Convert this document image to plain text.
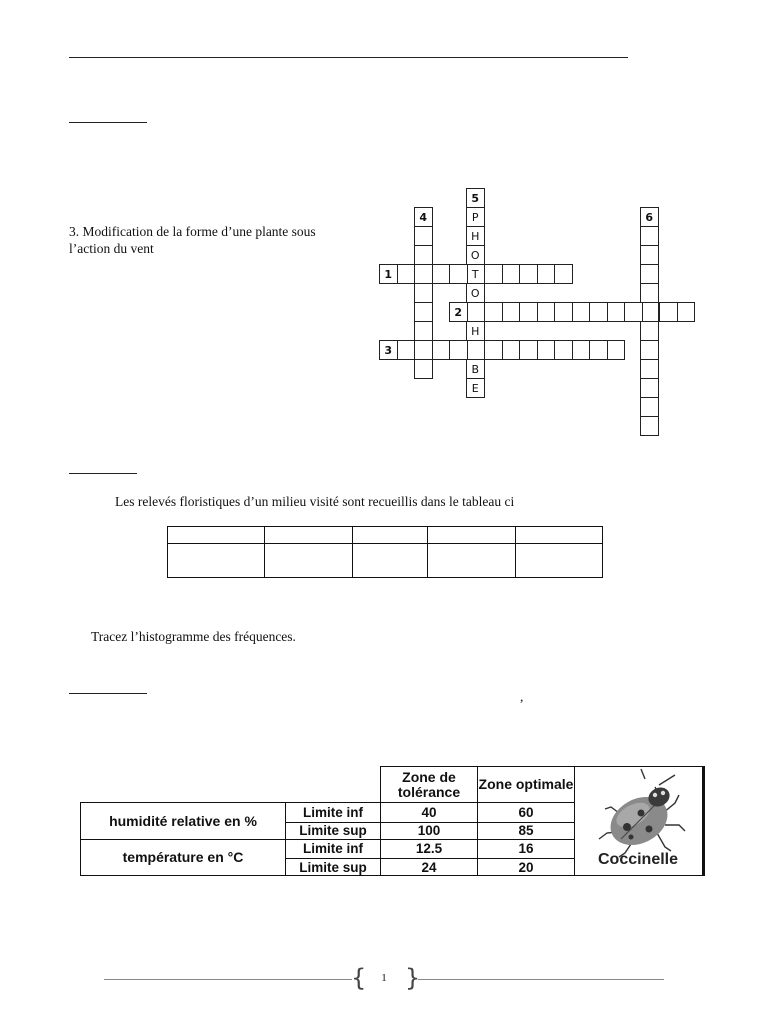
3. Modification de la forme d’une plante sous l’action du vent
5
P
H
O
T
O
H
B
E
4	6
1
2
3
Les relevés floristiques d’un milieu visité sont recueillis dans le tableau ci

Tracez l’histogramme des fréquences.
,

		Zone de tolérance	Zone optimale	Coccinelle

humidité relative en %	Limite inf	40	60	
	Limite sup	100	85	
température en °C	Limite inf	12.5	16	
	Limite sup	24	20	
{ }
1
